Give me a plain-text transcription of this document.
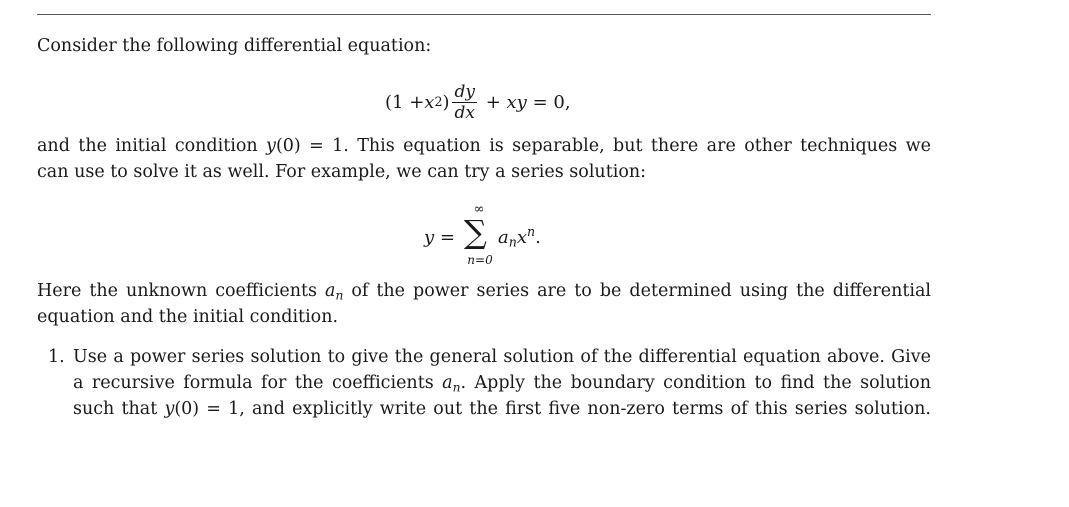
Consider the following differential equation:
(1 + x 2 ) $\frac{dy}{dx}$ + xy = 0,
and the initial condition y(0) = 1. This equation is separable, but there are other techniques we
can use to solve it as well. For example, we can try a series solution:
y =
∞
∑
n=0
$a_nx^n$.
Here the unknown coefficients $a_n$ of the power series are to be determined using the differential
equation and the initial condition.
1. Use a power series solution to give the general solution of the differential equation above. Give
a recursive formula for the coefficients $a_n$. Apply the boundary condition to find the solution
such that y(0) = 1, and explicitly write out the first five non-zero terms of this series solution.
